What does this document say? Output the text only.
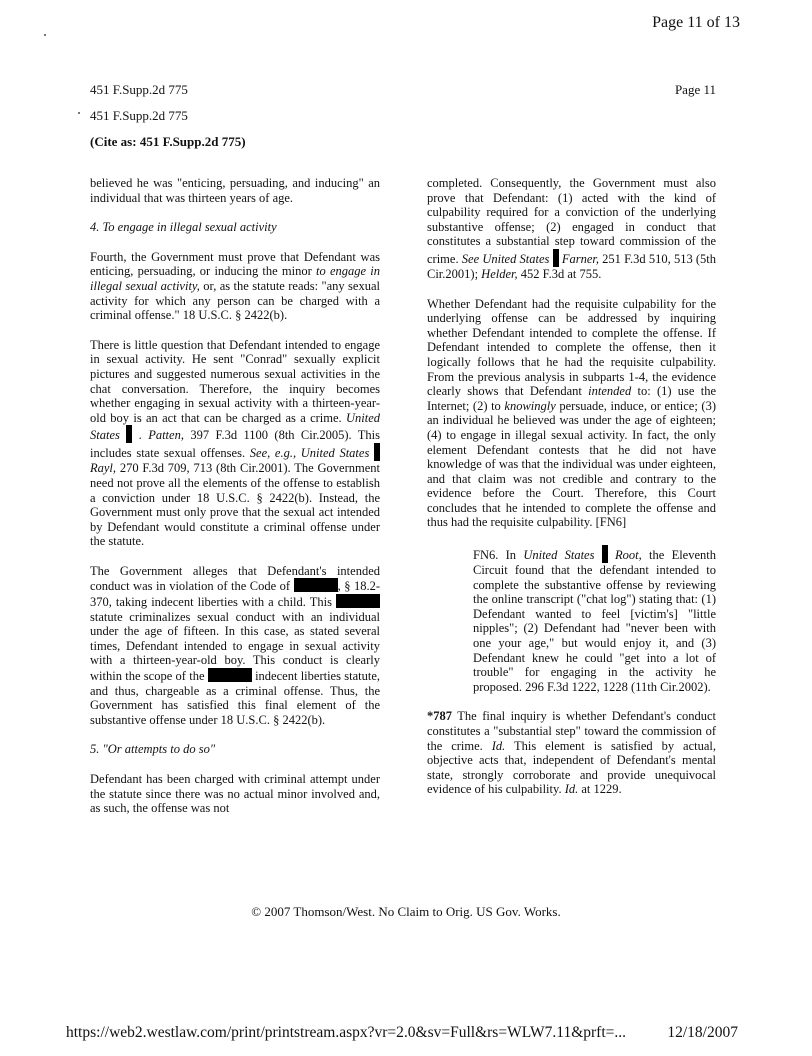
Page 11 of 13
451 F.Supp.2d 775
451 F.Supp.2d 775
(Cite as: 451 F.Supp.2d 775)
Page 11

believed he was "enticing, persuading, and inducing" an individual that was thirteen years of age.

4. To engage in illegal sexual activity

Fourth, the Government must prove that Defendant was enticing, persuading, or inducing the minor to engage in illegal sexual activity, or, as the statute reads: "any sexual activity for which any person can be charged with a criminal offense." 18 U.S.C. § 2422(b).

There is little question that Defendant intended to engage in sexual activity. He sent "Conrad" sexually explicit pictures and suggested numerous sexual activities in the chat conversation. Therefore, the inquiry becomes whether engaging in sexual activity with a thirteen-year-old boy is an act that can be charged as a crime. United States  . Patten, 397 F.3d 1100 (8th Cir.2005). This includes state sexual offenses. See, e.g., United States  Rayl, 270 F.3d 709, 713 (8th Cir.2001). The Government need not prove all the elements of the offense to establish a conviction under 18 U.S.C. § 2422(b). Instead, the Government must only prove that the sexual act intended by Defendant would constitute a criminal offense under the statute.

The Government alleges that Defendant's intended conduct was in violation of the Code of	, § 18.2-370, taking indecent liberties with a child. This  statute criminalizes sexual conduct with an individual under the age of fifteen. In this case, as stated several times, Defendant intended to engage in sexual activity with a thirteen-year-old boy. This conduct is clearly within the scope of the	indecent liberties statute, and thus, chargeable as a criminal offense. Thus, the Government has satisfied this final element of the substantive offense under 18 U.S.C. § 2422(b).

5. "Or attempts to do so"

Defendant has been charged with criminal attempt under the statute since there was no actual minor involved and, as such, the offense was not

completed. Consequently, the Government must also prove that Defendant: (1) acted with the kind of culpability required for a conviction of the underlying substantive offense; (2) engaged in conduct that constitutes a substantial step toward commission of the crime. See United States Farner, 251 F.3d 510, 513 (5th Cir.2001); Helder, 452 F.3d at 755.

Whether Defendant had the requisite culpability for the underlying offense can be addressed by inquiring whether Defendant intended to complete the offense. If Defendant intended to complete the offense, then it logically follows that he had the requisite culpability. From the previous analysis in subparts 1-4, the evidence clearly shows that Defendant intended to: (1) use the Internet; (2) to knowingly persuade, induce, or entice; (3) an individual he believed was under the age of eighteen; (4) to engage in illegal sexual activity. In fact, the only element Defendant contests that he did not have knowledge of was that the individual was under eighteen, and that claim was not credible and contrary to the evidence before the Court. Therefore, this Court concludes that he intended to complete the offense and thus had the requisite culpability. [FN6]

FN6. In United States Root, the Eleventh Circuit found that the defendant intended to complete the substantive offense by reviewing the online transcript ("chat log") stating that: (1) Defendant wanted to feel [victim's] "little nipples"; (2) Defendant had "never been with one your age," but would enjoy it, and (3) Defendant knew he could "get into a lot of trouble" for engaging in the activity he proposed. 296 F.3d 1222, 1228 (11th Cir.2002).

*787 The final inquiry is whether Defendant's conduct constitutes a "substantial step" toward the commission of the crime. Id. This element is satisfied by actual, objective acts that, independent of Defendant's mental state, strongly corroborate and provide unequivocal evidence of his culpability. Id. at 1229.

© 2007 Thomson/West. No Claim to Orig. US Gov. Works.
https://web2.westlaw.com/print/printstream.aspx?vr=2.0&sv=Full&rs=WLW7.11&prft=...	12/18/2007
